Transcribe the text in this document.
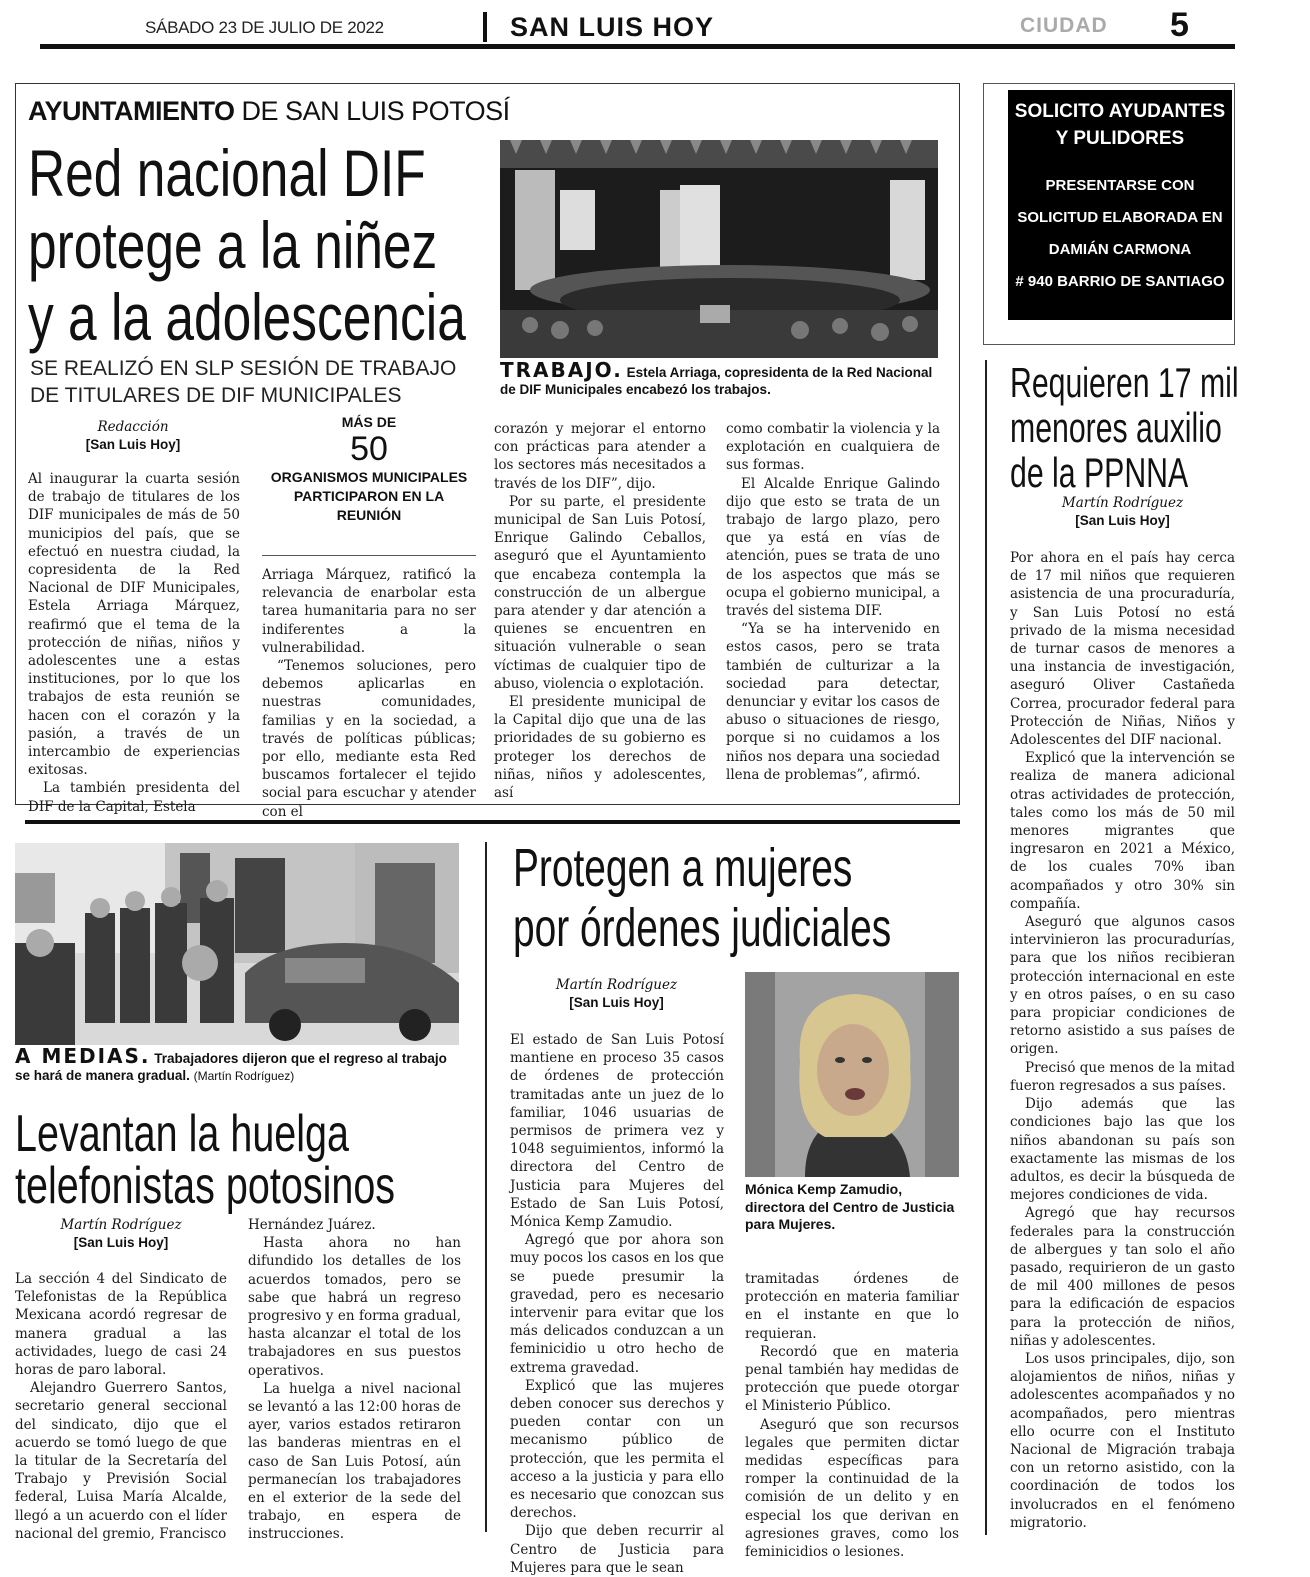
SÁBADO 23 DE JULIO DE 2022	SAN LUIS HOY	CIUDAD 5
AYUNTAMIENTO DE SAN LUIS POTOSÍ
Red nacional DIF
protege a la niñez
y a la adolescencia
SE REALIZÓ EN SLP SESIÓN DE TRABAJO
DE TITULARES DE DIF MUNICIPALES
TRABAJO. Estela Arriaga, copresidenta de la Red Nacional de DIF Municipales encabezó los trabajos.
Redacción
[San Luis Hoy]
MÁS DE
50
ORGANISMOS MUNICIPALES PARTICIPARON EN LA REUNIÓN

Al inaugurar la cuarta sesión de trabajo de titulares de los DIF municipales de más de 50 municipios del país, que se efectuó en nuestra ciudad, la copresidenta de la Red Nacional de DIF Municipales, Estela Arriaga Márquez, reafirmó que el tema de la protección de niñas, niños y adolescentes une a estas instituciones, por lo que los trabajos de esta reunión se hacen con el corazón y la pasión, a través de un intercambio de experiencias exitosas.

La también presidenta del DIF de la Capital, Estela

Arriaga Márquez, ratificó la relevancia de enarbolar esta tarea humanitaria para no ser indiferentes a la vulnerabilidad.

“Tenemos soluciones, pero debemos aplicarlas en nuestras comunidades, familias y en la sociedad, a través de políticas públicas; por ello, mediante esta Red buscamos fortalecer el tejido social para escuchar y atender con el

corazón y mejorar el entorno con prácticas para atender a los sectores más necesitados a través de los DIF”, dijo.

Por su parte, el presidente municipal de San Luis Potosí, Enrique Galindo Ceballos, aseguró que el Ayuntamiento que encabeza contempla la construcción de un albergue para atender y dar atención a quienes se encuentren en situación vulnerable o sean víctimas de cualquier tipo de abuso, violencia o explotación.

El presidente municipal de la Capital dijo que una de las prioridades de su gobierno es proteger los derechos de niñas, niños y adolescentes, así

como combatir la violencia y la explotación en cualquiera de sus formas.

El Alcalde Enrique Galindo dijo que esto se trata de un trabajo de largo plazo, pero que ya está en vías de atención, pues se trata de uno de los aspectos que más se ocupa el gobierno municipal, a través del sistema DIF.

“Ya se ha intervenido en estos casos, pero se trata también de culturizar a la sociedad para detectar, denunciar y evitar los casos de abuso o situaciones de riesgo, porque si no cuidamos a los niños nos depara una sociedad llena de problemas”, afirmó.

SOLICITO AYUDANTES
Y PULIDORES
PRESENTARSE CON
SOLICITUD ELABORADA EN
DAMIÁN CARMONA
# 940 BARRIO DE SANTIAGO
Requieren 17 mil
menores auxilio
de la PPNNA
Martín Rodríguez
[San Luis Hoy]

Por ahora en el país hay cerca de 17 mil niños que requieren asistencia de una procuraduría, y San Luis Potosí no está privado de la misma necesidad de turnar casos de menores a una instancia de investigación, aseguró Oliver Castañeda Correa, procurador federal para Protección de Niñas, Niños y Adolescentes del DIF nacional.

Explicó que la intervención se realiza de manera adicional otras actividades de protección, tales como los más de 50 mil menores migrantes que ingresaron en 2021 a México, de los cuales 70% iban acompañados y otro 30% sin compañía.

Aseguró que algunos casos intervinieron las procuradurías, para que los niños recibieran protección internacional en este y en otros países, o en su caso para propiciar condiciones de retorno asistido a sus países de origen.

Precisó que menos de la mitad fueron regresados a sus países.

Dijo además que las condiciones bajo las que los niños abandonan su país son exactamente las mismas de los adultos, es decir la búsqueda de mejores condiciones de vida.

Agregó que hay recursos federales para la construcción de albergues y tan solo el año pasado, requirieron de un gasto de mil 400 millones de pesos para la edificación de espacios para la protección de niños, niñas y adolescentes.

Los usos principales, dijo, son alojamientos de niños, niñas y adolescentes acompañados y no acompañados, pero mientras ello ocurre con el Instituto Nacional de Migración trabaja con un retorno asistido, con la coordinación de todos los involucrados en el fenómeno migratorio.

A MEDIAS. Trabajadores dijeron que el regreso al trabajo se hará de manera gradual. (Martín Rodríguez)
Levantan la huelga
telefonistas potosinos
Martín Rodríguez
[San Luis Hoy]

La sección 4 del Sindicato de Telefonistas de la República Mexicana acordó regresar de manera gradual a las actividades, luego de casi 24 horas de paro laboral.

Alejandro Guerrero Santos, secretario general seccional del sindicato, dijo que el acuerdo se tomó luego de que la titular de la Secretaría del Trabajo y Previsión Social federal, Luisa María Alcalde, llegó a un acuerdo con el líder nacional del gremio, Francisco

Hernández Juárez.

Hasta ahora no han difundido los detalles de los acuerdos tomados, pero se sabe que habrá un regreso progresivo y en forma gradual, hasta alcanzar el total de los trabajadores en sus puestos operativos.

La huelga a nivel nacional se levantó a las 12:00 horas de ayer, varios estados retiraron las banderas mientras en el caso de San Luis Potosí, aún permanecían los trabajadores en el exterior de la sede del trabajo, en espera de instrucciones.

Protegen a mujeres
por órdenes judiciales
Martín Rodríguez
[San Luis Hoy]
Mónica Kemp Zamudio, directora del Centro de Justicia para Mujeres.

El estado de San Luis Potosí mantiene en proceso 35 casos de órdenes de protección tramitadas ante un juez de lo familiar, 1046 usuarias de permisos de primera vez y 1048 seguimientos, informó la directora del Centro de Justicia para Mujeres del Estado de San Luis Potosí, Mónica Kemp Zamudio.

Agregó que por ahora son muy pocos los casos en los que se puede presumir la gravedad, pero es necesario intervenir para evitar que los más delicados conduzcan a un feminicidio u otro hecho de extrema gravedad.

Explicó que las mujeres deben conocer sus derechos y pueden contar con un mecanismo público de protección, que les permita el acceso a la justicia y para ello es necesario que conozcan sus derechos.

Dijo que deben recurrir al Centro de Justicia para Mujeres para que le sean

tramitadas órdenes de protección en materia familiar en el instante en que lo requieran.

Recordó que en materia penal también hay medidas de protección que puede otorgar el Ministerio Público.

Aseguró que son recursos legales que permiten dictar medidas específicas para romper la continuidad de la comisión de un delito y en especial los que derivan en agresiones graves, como los feminicidios o lesiones.
